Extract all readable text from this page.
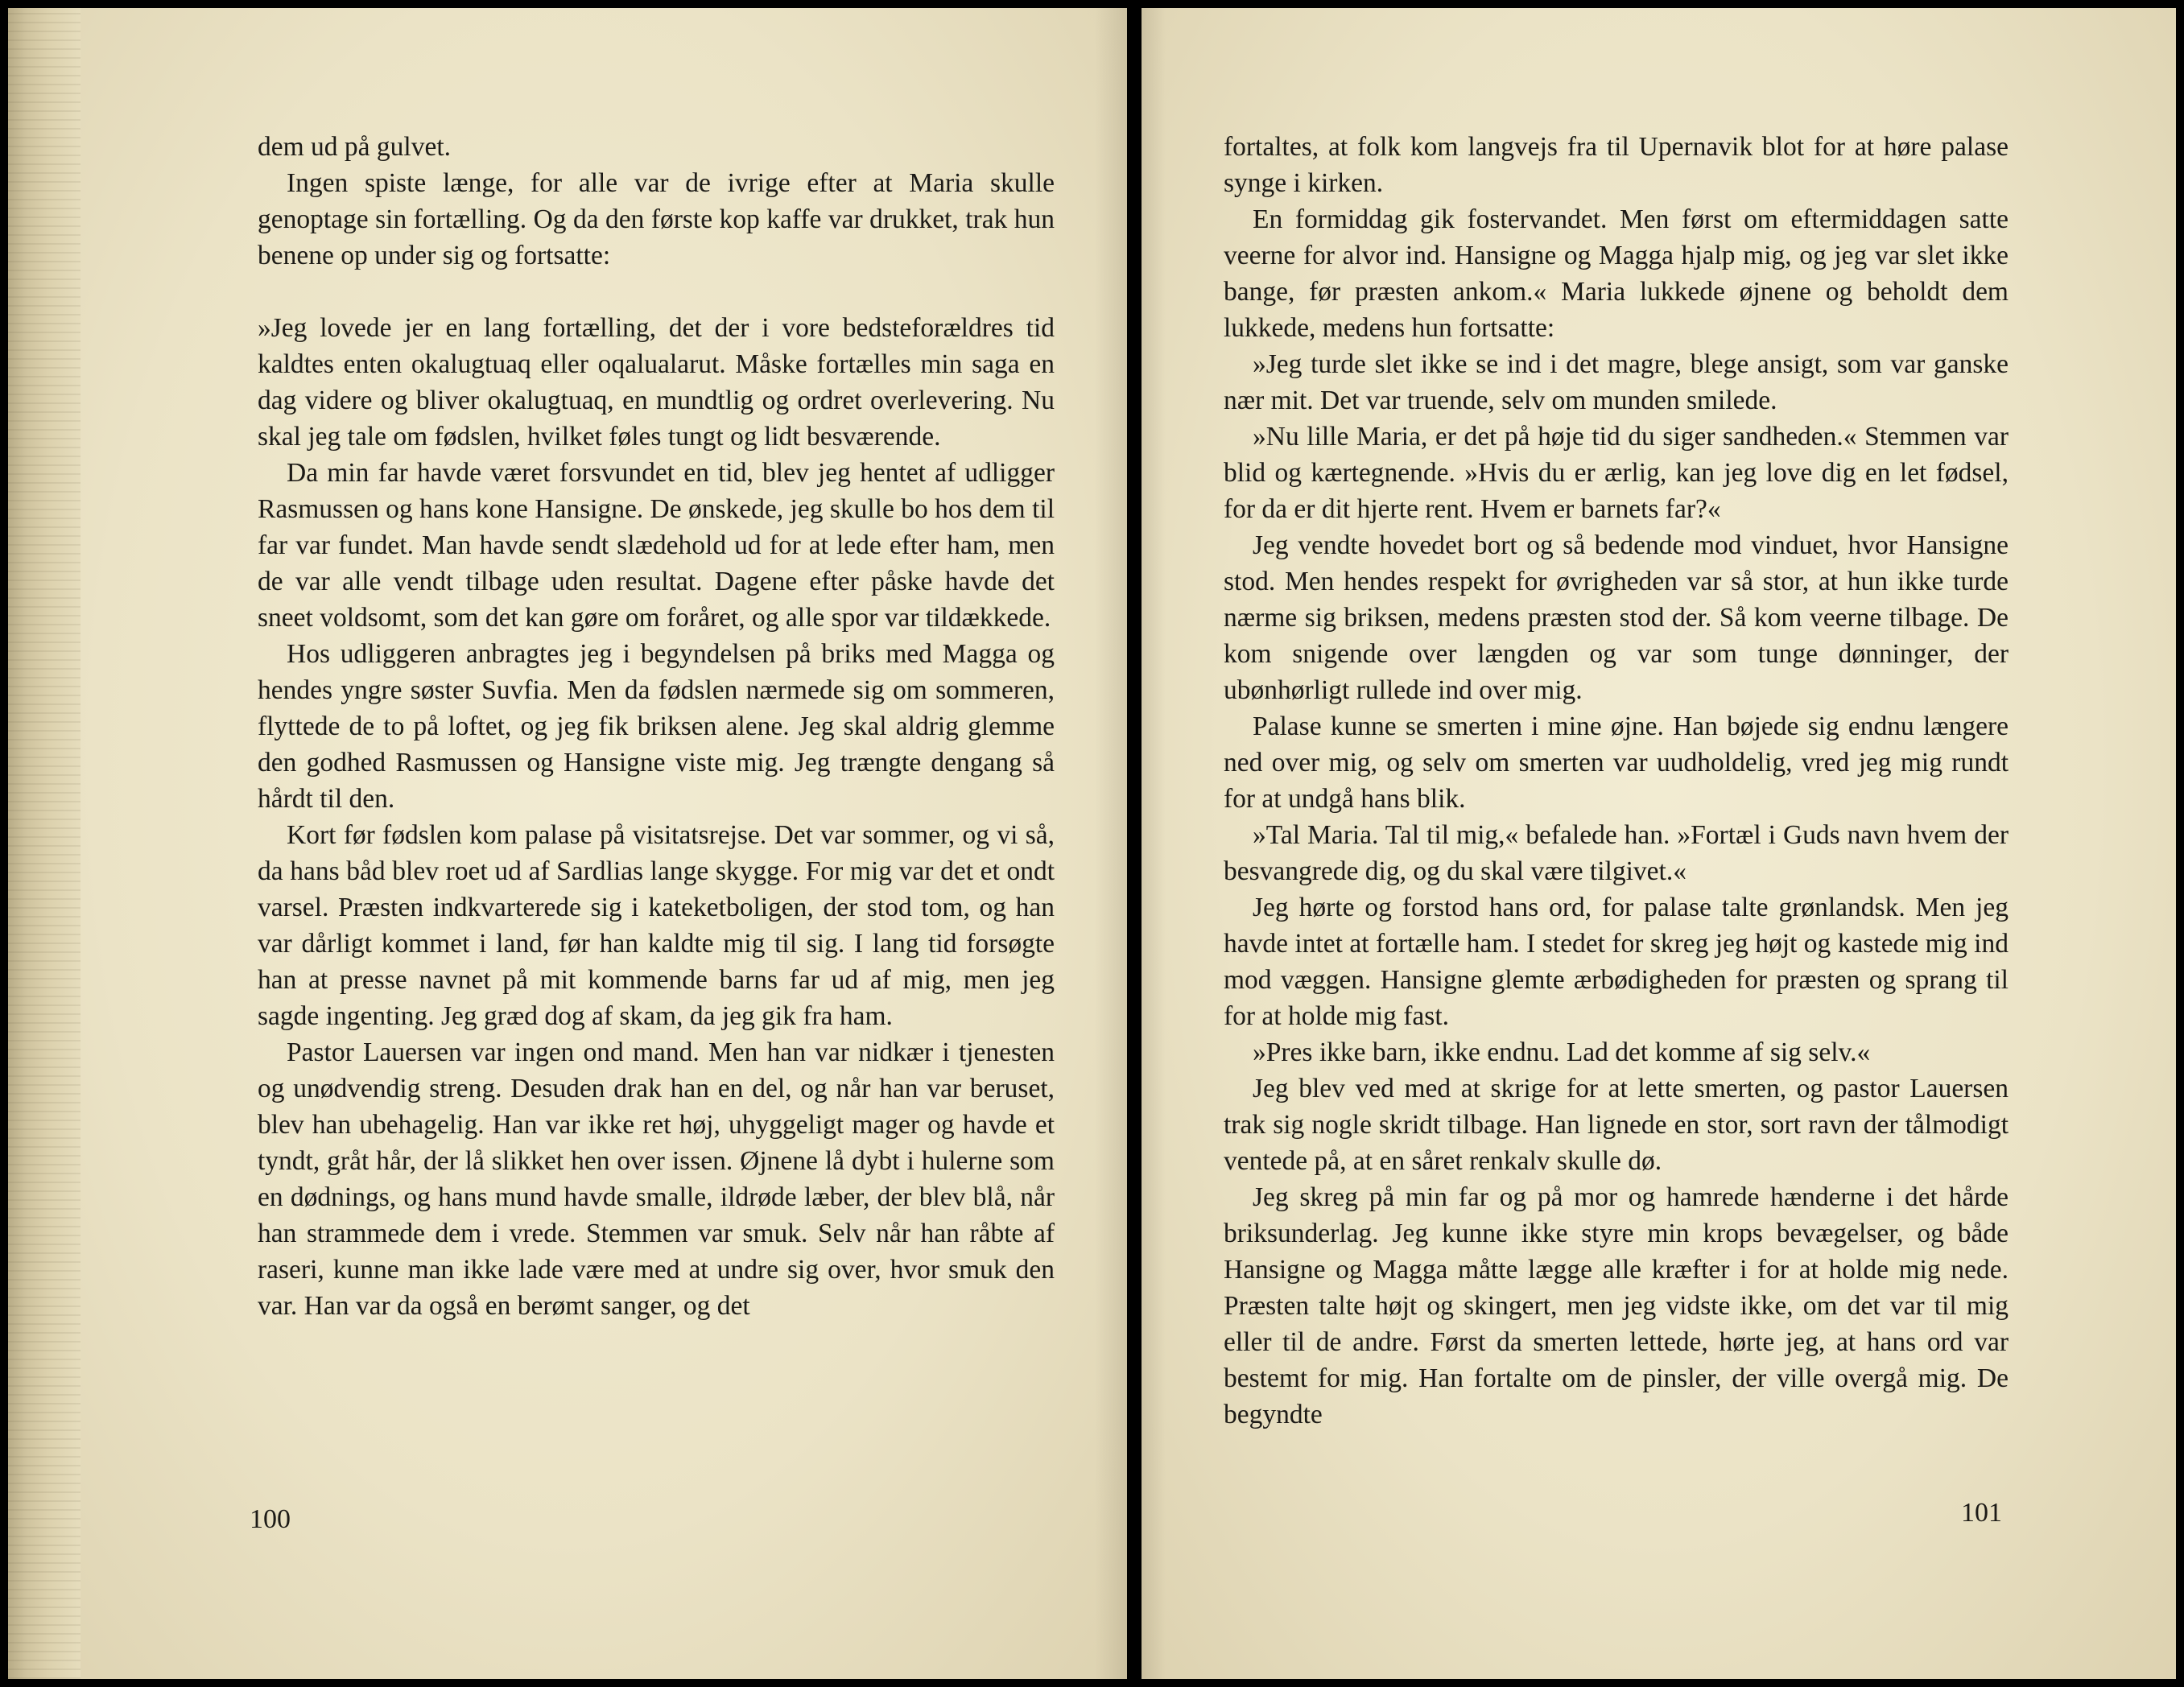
dem ud på gulvet.

Ingen spiste længe, for alle var de ivrige efter at Maria skulle genoptage sin fortælling. Og da den første kop kaffe var drukket, trak hun benene op under sig og fortsatte:

»Jeg lovede jer en lang fortælling, det der i vore bedsteforældres tid kaldtes enten okalugtuaq eller oqalualarut. Måske fortælles min saga en dag videre og bliver okalugtuaq, en mundtlig og ordret overlevering. Nu skal jeg tale om fødslen, hvilket føles tungt og lidt besværende.

Da min far havde været forsvundet en tid, blev jeg hentet af udligger Rasmussen og hans kone Hansigne. De ønskede, jeg skulle bo hos dem til far var fundet. Man havde sendt slædehold ud for at lede efter ham, men de var alle vendt tilbage uden resultat. Dagene efter påske havde det sneet voldsomt, som det kan gøre om foråret, og alle spor var tildækkede.

Hos udliggeren anbragtes jeg i begyndelsen på briks med Magga og hendes yngre søster Suvfia. Men da fødslen nærmede sig om sommeren, flyttede de to på loftet, og jeg fik briksen alene. Jeg skal aldrig glemme den godhed Rasmussen og Hansigne viste mig. Jeg trængte dengang så hårdt til den.

Kort før fødslen kom palase på visitatsrejse. Det var sommer, og vi så, da hans båd blev roet ud af Sardlias lange skygge. For mig var det et ondt varsel. Præsten indkvarterede sig i kateketboligen, der stod tom, og han var dårligt kommet i land, før han kaldte mig til sig. I lang tid forsøgte han at presse navnet på mit kommende barns far ud af mig, men jeg sagde ingenting. Jeg græd dog af skam, da jeg gik fra ham.

Pastor Lauersen var ingen ond mand. Men han var nidkær i tjenesten og unødvendig streng. Desuden drak han en del, og når han var beruset, blev han ubehagelig. Han var ikke ret høj, uhyggeligt mager og havde et tyndt, gråt hår, der lå slikket hen over issen. Øjnene lå dybt i hulerne som en dødnings, og hans mund havde smalle, ildrøde læber, der blev blå, når han strammede dem i vrede. Stemmen var smuk. Selv når han råbte af raseri, kunne man ikke lade være med at undre sig over, hvor smuk den var. Han var da også en berømt sanger, og det

100

fortaltes, at folk kom langvejs fra til Upernavik blot for at høre palase synge i kirken.

En formiddag gik fostervandet. Men først om eftermiddagen satte veerne for alvor ind. Hansigne og Magga hjalp mig, og jeg var slet ikke bange, før præsten ankom.« Maria lukkede øjnene og beholdt dem lukkede, medens hun fortsatte:

»Jeg turde slet ikke se ind i det magre, blege ansigt, som var ganske nær mit. Det var truende, selv om munden smilede.

»Nu lille Maria, er det på høje tid du siger sandheden.« Stemmen var blid og kærtegnende. »Hvis du er ærlig, kan jeg love dig en let fødsel, for da er dit hjerte rent. Hvem er barnets far?«

Jeg vendte hovedet bort og så bedende mod vinduet, hvor Hansigne stod. Men hendes respekt for øvrigheden var så stor, at hun ikke turde nærme sig briksen, medens præsten stod der. Så kom veerne tilbage. De kom snigende over længden og var som tunge dønninger, der ubønhørligt rullede ind over mig.

Palase kunne se smerten i mine øjne. Han bøjede sig endnu længere ned over mig, og selv om smerten var uudholdelig, vred jeg mig rundt for at undgå hans blik.

»Tal Maria. Tal til mig,« befalede han. »Fortæl i Guds navn hvem der besvangrede dig, og du skal være tilgivet.«

Jeg hørte og forstod hans ord, for palase talte grønlandsk. Men jeg havde intet at fortælle ham. I stedet for skreg jeg højt og kastede mig ind mod væggen. Hansigne glemte ærbødigheden for præsten og sprang til for at holde mig fast.

»Pres ikke barn, ikke endnu. Lad det komme af sig selv.«

Jeg blev ved med at skrige for at lette smerten, og pastor Lauersen trak sig nogle skridt tilbage. Han lignede en stor, sort ravn der tålmodigt ventede på, at en såret renkalv skulle dø.

Jeg skreg på min far og på mor og hamrede hænderne i det hårde briksunderlag. Jeg kunne ikke styre min krops bevægelser, og både Hansigne og Magga måtte lægge alle kræfter i for at holde mig nede. Præsten talte højt og skingert, men jeg vidste ikke, om det var til mig eller til de andre. Først da smerten lettede, hørte jeg, at hans ord var bestemt for mig. Han fortalte om de pinsler, der ville overgå mig. De begyndte

101
